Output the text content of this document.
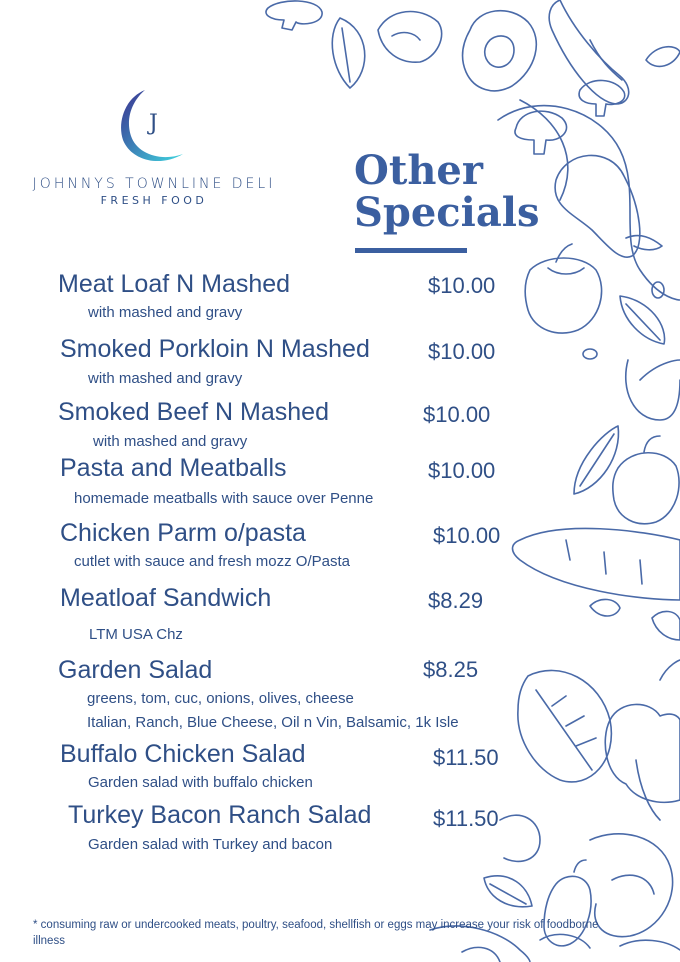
J
JOHNNYS TOWNLINE DELI
FRESH FOOD
Other
Specials
Meat Loaf N Mashed	$10.00
with mashed and gravy
Smoked Porkloin N Mashed	$10.00
with mashed and gravy
Smoked Beef N Mashed	$10.00
with mashed and gravy
Pasta and Meatballs	$10.00
homemade meatballs with sauce over Penne
Chicken Parm o/pasta	$10.00
cutlet with sauce and fresh mozz O/Pasta
Meatloaf Sandwich	$8.29
LTM USA Chz
Garden Salad	$8.25
greens, tom, cuc, onions, olives, cheese
Italian, Ranch, Blue Cheese, Oil n Vin, Balsamic, 1k Isle
Buffalo Chicken Salad	$11.50
Garden salad with buffalo chicken
Turkey Bacon Ranch Salad	$11.50
Garden salad with Turkey and bacon
* consuming raw or undercooked meats, poultry, seafood, shellfish or eggs may increase your risk of foodborne illness
